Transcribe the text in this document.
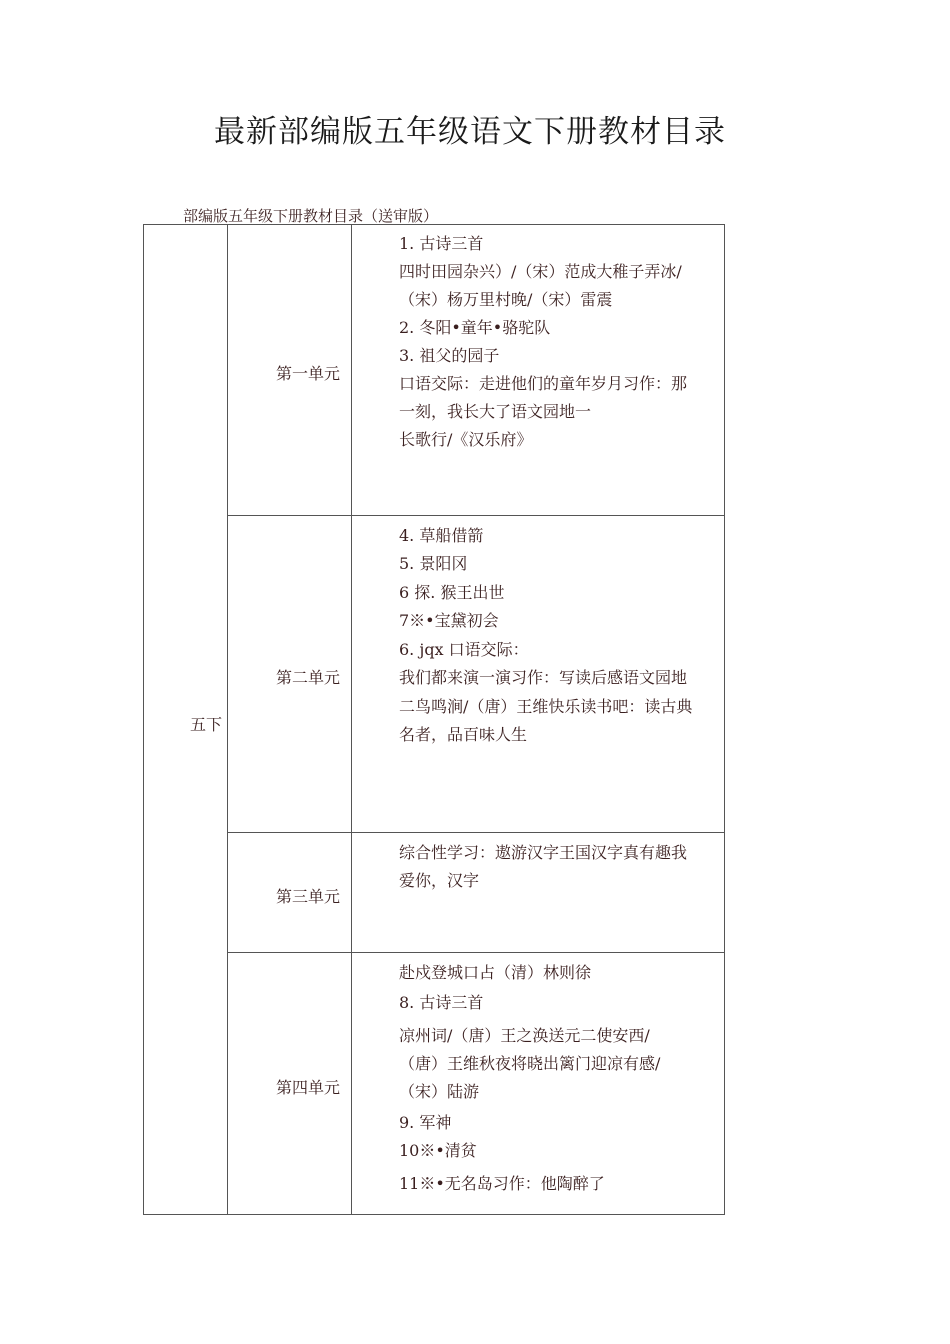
最新部编版五年级语文下册教材目录
部编版五年级下册教材目录（送审版）
五下
第一单元
1. 古诗三首
四时田园杂兴）/（宋）范成大稚子弄冰/
（宋）杨万里村晚/（宋）雷震
2. 冬阳•童年•骆驼队
3. 祖父的园子
口语交际：走进他们的童年岁月习作：那
一刻，我长大了语文园地一
长歌行/《汉乐府》
第二单元
4. 草船借箭
5. 景阳冈
6 探. 猴王出世
7※•宝黛初会
6. jqx 口语交际：
我们都来演一演习作：写读后感语文园地
二鸟鸣涧/（唐）王维快乐读书吧：读古典
名者，品百味人生
第三单元
综合性学习：遨游汉字王国汉字真有趣我
爱你，汉字
第四单元
赴戍登城口占（清）林则徐
8. 古诗三首
凉州词/（唐）王之涣送元二使安西/
（唐）王维秋夜将晓出篱门迎凉有感/
（宋）陆游
9. 军神
10※•清贫
11※•无名岛习作：他陶醉了
